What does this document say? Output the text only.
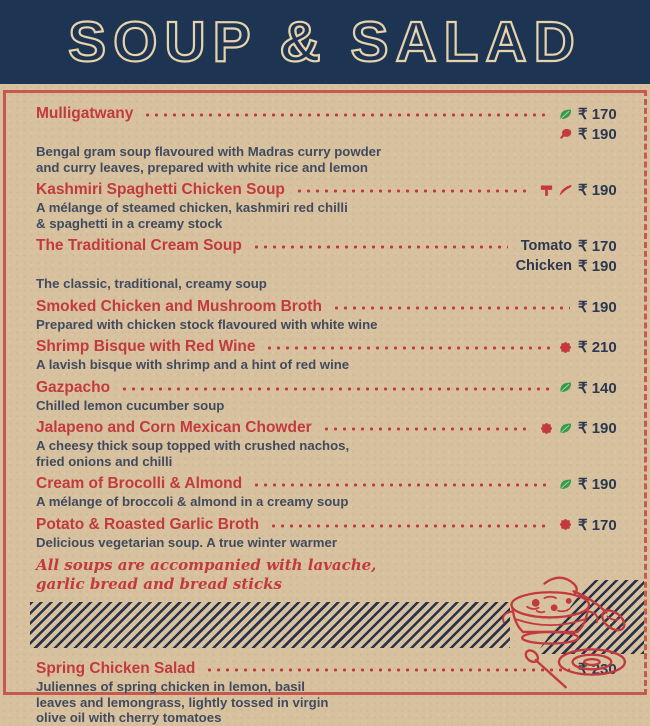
SOUP & SALAD
Mulligatwany	₹ 170
₹ 190
Bengal gram soup flavoured with Madras curry powder
and curry leaves, prepared with white rice and lemon
Kashmiri Spaghetti Chicken Soup	₹ 190
A mélange of steamed chicken, kashmiri red chilli
& spaghetti in a creamy stock
The Traditional Cream Soup	Tomato ₹ 170
Chicken ₹ 190
The classic, traditional, creamy soup
Smoked Chicken and Mushroom Broth	₹ 190
Prepared with chicken stock flavoured with white wine
Shrimp Bisque with Red Wine	₹ 210
A lavish bisque with shrimp and a hint of red wine
Gazpacho	₹ 140
Chilled lemon cucumber soup
Jalapeno and Corn Mexican Chowder	₹ 190
A cheesy thick soup topped with crushed nachos,
fried onions and chilli
Cream of Brocolli & Almond	₹ 190
A mélange of broccoli & almond in a creamy soup
Potato & Roasted Garlic Broth	₹ 170
Delicious vegetarian soup. A true winter warmer
All soups are accompanied with lavache,
garlic bread and bread sticks
Spring Chicken Salad	₹ 230
Juliennes of spring chicken in lemon, basil
leaves and lemongrass, lightly tossed in virgin
olive oil with cherry tomatoes
